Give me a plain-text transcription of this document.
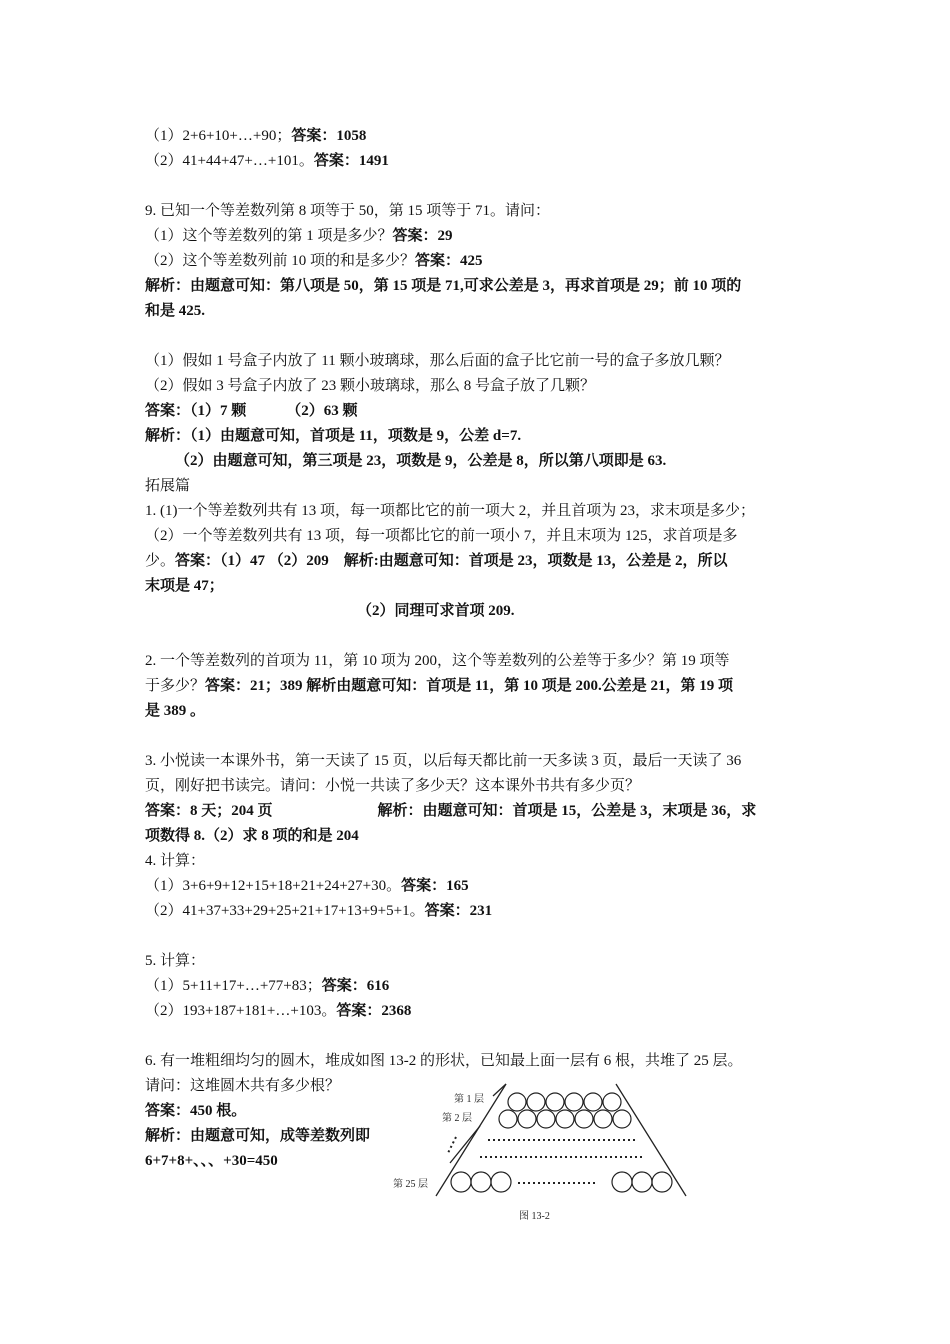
（1）2+6+10+…+90；答案：1058
（2）41+44+47+…+101。答案：1491
9. 已知一个等差数列第 8 项等于 50，第 15 项等于 71。请问：
（1）这个等差数列的第 1 项是多少？答案：29
（2）这个等差数列前 10 项的和是多少？答案：425
解析：由题意可知：第八项是 50，第 15 项是 71,可求公差是 3，再求首项是 29；前 10 项的
和是 425.
（1）假如 1 号盒子内放了 11 颗小玻璃球，那么后面的盒子比它前一号的盒子多放几颗？
（2）假如 3 号盒子内放了 23 颗小玻璃球，那么 8 号盒子放了几颗？
答案：（1）7 颗	（2）63 颗
解析：（1）由题意可知，首项是 11，项数是 9，公差 d=7.
（2）由题意可知，第三项是 23，项数是 9，公差是 8，所以第八项即是 63.
拓展篇
1. (1)一个等差数列共有 13 项，每一项都比它的前一项大 2，并且首项为 23，求末项是多少；
（2）一个等差数列共有 13 项，每一项都比它的前一项小 7，并且末项为 125，求首项是多
少。答案：（1）47 （2）209　解析:由题意可知：首项是 23，项数是 13，公差是 2，所以
末项是 47；
（2）同理可求首项 209.
2. 一个等差数列的首项为 11，第 10 项为 200，这个等差数列的公差等于多少？第 19 项等
于多少？答案：21；389 解析由题意可知：首项是 11，第 10 项是 200.公差是 21，第 19 项
是 389 。
3. 小悦读一本课外书，第一天读了 15 页，以后每天都比前一天多读 3 页，最后一天读了 36
页，刚好把书读完。请问：小悦一共读了多少天？这本课外书共有多少页？
答案：8 天；204 页	解析：由题意可知：首项是 15，公差是 3，末项是 36，求
项数得 8.（2）求 8 项的和是 204
4. 计算：
（1）3+6+9+12+15+18+21+24+27+30。答案：165
（2）41+37+33+29+25+21+17+13+9+5+1。答案：231
5. 计算：
（1）5+11+17+…+77+83；答案：616
（2）193+187+181+…+103。答案：2368
6. 有一堆粗细均匀的圆木，堆成如图 13-2 的形状，已知最上面一层有 6 根，共堆了 25 层。
请问：这堆圆木共有多少根？
答案：450 根。
解析：由题意可知，成等差数列即
6+7+8+、、、+30=450
第 1 层
第 2 层
第 25 层
图 13-2
